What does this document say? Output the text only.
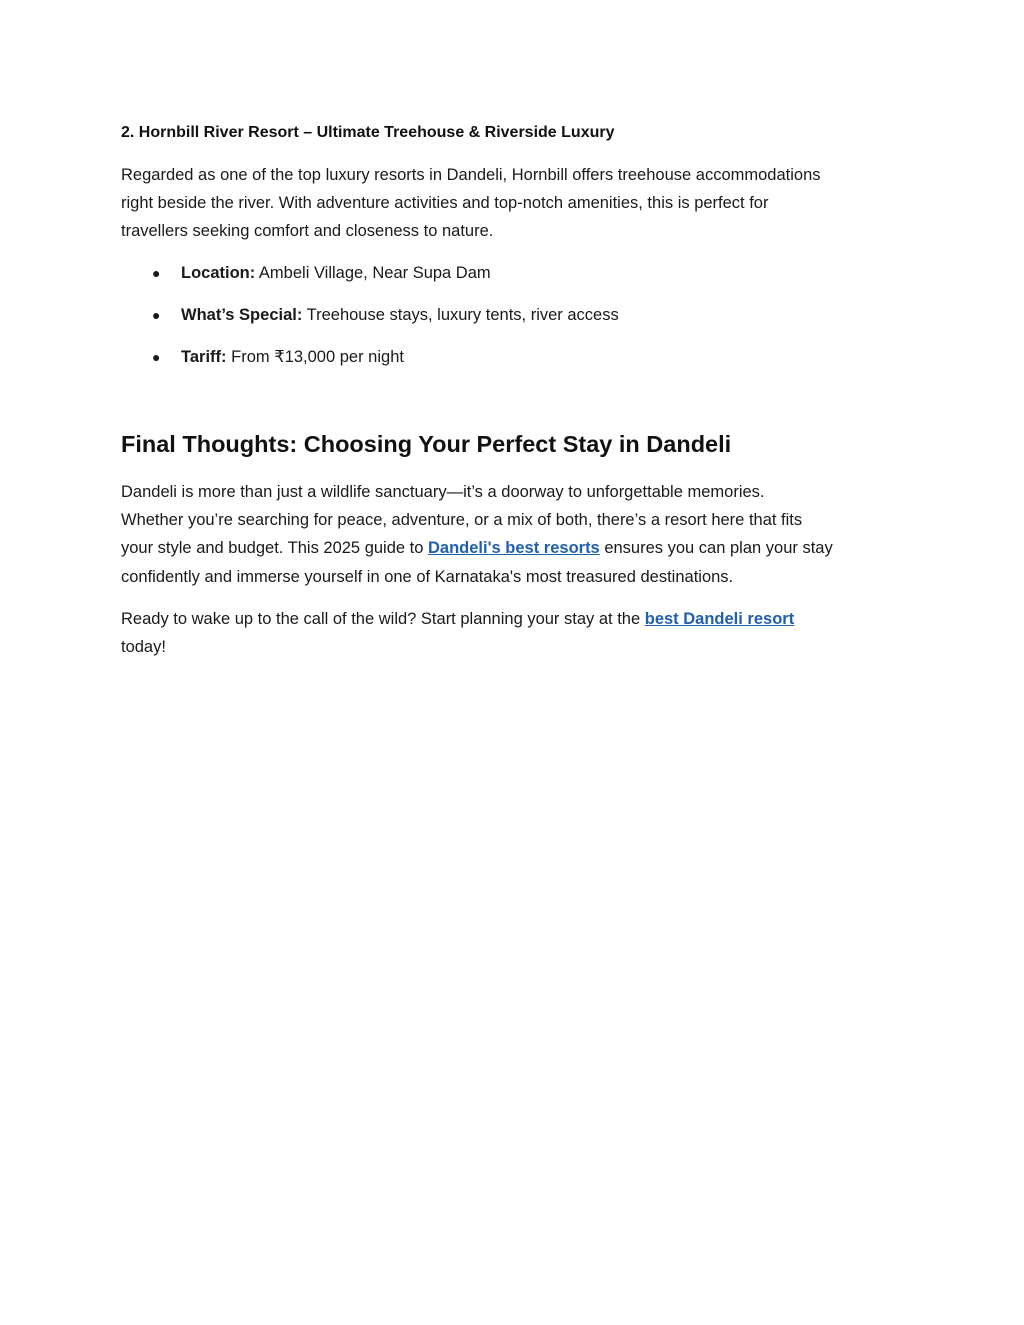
2. Hornbill River Resort – Ultimate Treehouse & Riverside Luxury

Regarded as one of the top luxury resorts in Dandeli, Hornbill offers treehouse accommodations
right beside the river. With adventure activities and top-notch amenities, this is perfect for
travellers seeking comfort and closeness to nature.

● Location: Ambeli Village, Near Supa Dam
● What’s Special: Treehouse stays, luxury tents, river access
● Tariff: From ₹13,000 per night
Final Thoughts: Choosing Your Perfect Stay in Dandeli

Dandeli is more than just a wildlife sanctuary—it’s a doorway to unforgettable memories.
Whether you’re searching for peace, adventure, or a mix of both, there’s a resort here that fits
your style and budget. This 2025 guide to Dandeli's best resorts ensures you can plan your stay
confidently and immerse yourself in one of Karnataka's most treasured destinations.

Ready to wake up to the call of the wild? Start planning your stay at the best Dandeli resort
today!
